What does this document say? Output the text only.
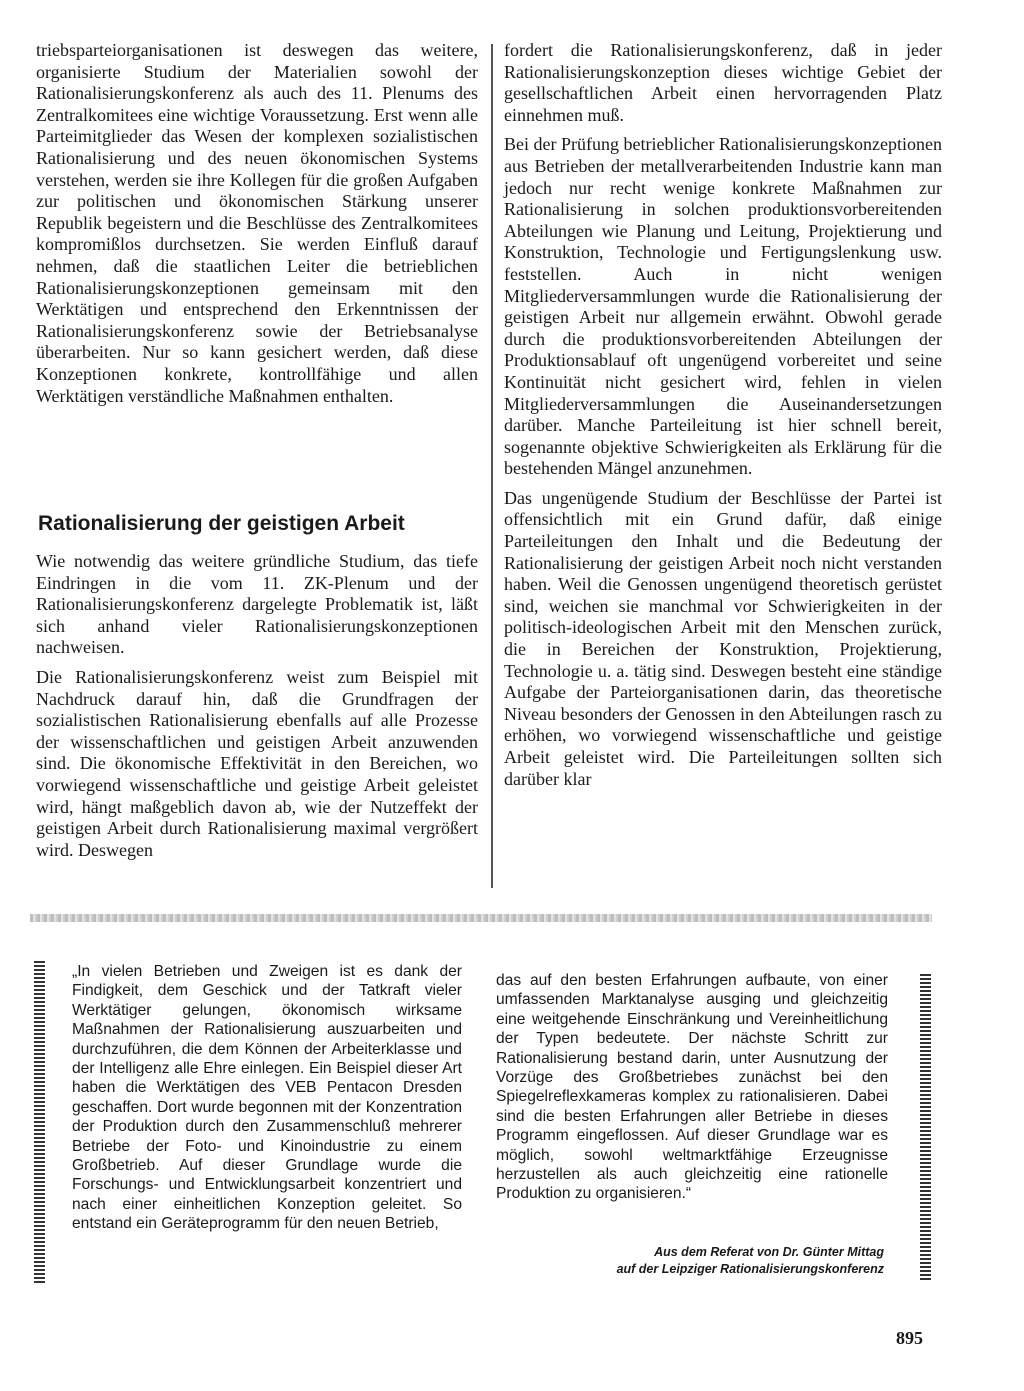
triebsparteiorganisationen ist deswegen das weitere, organisierte Studium der Materialien sowohl der Rationalisierungskonferenz als auch des 11. Plenums des Zentralkomitees eine wichtige Voraussetzung. Erst wenn alle Parteimitglieder das Wesen der komplexen sozialistischen Rationalisierung und des neuen ökonomischen Systems verstehen, werden sie ihre Kollegen für die großen Aufgaben zur politischen und ökonomischen Stärkung unserer Republik begeistern und die Beschlüsse des Zentralkomitees kompromißlos durchsetzen. Sie werden Einfluß darauf nehmen, daß die staatlichen Leiter die betrieblichen Rationalisierungskonzeptionen gemeinsam mit den Werktätigen und entsprechend den Erkenntnissen der Rationalisierungskonferenz sowie der Betriebsanalyse überarbeiten. Nur so kann gesichert werden, daß diese Konzeptionen konkrete, kontrollfähige und allen Werktätigen verständliche Maßnahmen enthalten.

Rationalisierung der geistigen Arbeit

Wie notwendig das weitere gründliche Studium, das tiefe Eindringen in die vom 11. ZK-Plenum und der Rationalisierungskonferenz dargelegte Problematik ist, läßt sich anhand vieler Rationalisierungskonzeptionen nachweisen.

Die Rationalisierungskonferenz weist zum Beispiel mit Nachdruck darauf hin, daß die Grundfragen der sozialistischen Rationalisierung ebenfalls auf alle Prozesse der wissenschaftlichen und geistigen Arbeit anzuwenden sind. Die ökonomische Effektivität in den Bereichen, wo vorwiegend wissenschaftliche und geistige Arbeit geleistet wird, hängt maßgeblich davon ab, wie der Nutzeffekt der geistigen Arbeit durch Rationalisierung maximal vergrößert wird. Deswegen

fordert die Rationalisierungskonferenz, daß in jeder Rationalisierungskonzeption dieses wichtige Gebiet der gesellschaftlichen Arbeit einen hervorragenden Platz einnehmen muß.

Bei der Prüfung betrieblicher Rationalisierungskonzeptionen aus Betrieben der metallverarbeitenden Industrie kann man jedoch nur recht wenige konkrete Maßnahmen zur Rationalisierung in solchen produktionsvorbereitenden Abteilungen wie Planung und Leitung, Projektierung und Konstruktion, Technologie und Fertigungslenkung usw. feststellen. Auch in nicht wenigen Mitgliederversammlungen wurde die Rationalisierung der geistigen Arbeit nur allgemein erwähnt. Obwohl gerade durch die produktionsvorbereitenden Abteilungen der Produktionsablauf oft ungenügend vorbereitet und seine Kontinuität nicht gesichert wird, fehlen in vielen Mitgliederversammlungen die Auseinandersetzungen darüber. Manche Parteileitung ist hier schnell bereit, sogenannte objektive Schwierigkeiten als Erklärung für die bestehenden Mängel anzunehmen.

Das ungenügende Studium der Beschlüsse der Partei ist offensichtlich mit ein Grund dafür, daß einige Parteileitungen den Inhalt und die Bedeutung der Rationalisierung der geistigen Arbeit noch nicht verstanden haben. Weil die Genossen ungenügend theoretisch gerüstet sind, weichen sie manchmal vor Schwierigkeiten in der politisch-ideologischen Arbeit mit den Menschen zurück, die in Bereichen der Konstruktion, Projektierung, Technologie u. a. tätig sind. Deswegen besteht eine ständige Aufgabe der Parteiorganisationen darin, das theoretische Niveau besonders der Genossen in den Abteilungen rasch zu erhöhen, wo vorwiegend wissenschaftliche und geistige Arbeit geleistet wird. Die Parteileitungen sollten sich darüber klar

„In vielen Betrieben und Zweigen ist es dank der Findigkeit, dem Geschick und der Tatkraft vieler Werktätiger gelungen, ökonomisch wirksame Maßnahmen der Rationalisierung auszuarbeiten und durchzuführen, die dem Können der Arbeiterklasse und der Intelligenz alle Ehre einlegen. Ein Beispiel dieser Art haben die Werktätigen des VEB Pentacon Dresden geschaffen. Dort wurde begonnen mit der Konzentration der Produktion durch den Zusammenschluß mehrerer Betriebe der Foto- und Kinoindustrie zu einem Großbetrieb. Auf dieser Grundlage wurde die Forschungs- und Entwicklungsarbeit konzentriert und nach einer einheitlichen Konzeption geleitet. So entstand ein Geräteprogramm für den neuen Betrieb,
das auf den besten Erfahrungen aufbaute, von einer umfassenden Marktanalyse ausging und gleichzeitig eine weitgehende Einschränkung und Vereinheitlichung der Typen bedeutete. Der nächste Schritt zur Rationalisierung bestand darin, unter Ausnutzung der Vorzüge des Großbetriebes zunächst bei den Spiegelreflexkameras komplex zu rationalisieren. Dabei sind die besten Erfahrungen aller Betriebe in dieses Programm eingeflossen. Auf dieser Grundlage war es möglich, sowohl weltmarktfähige Erzeugnisse herzustellen als auch gleichzeitig eine rationelle Produktion zu organisieren.“
Aus dem Referat von Dr. Günter Mittag
auf der Leipziger Rationalisierungskonferenz
895
